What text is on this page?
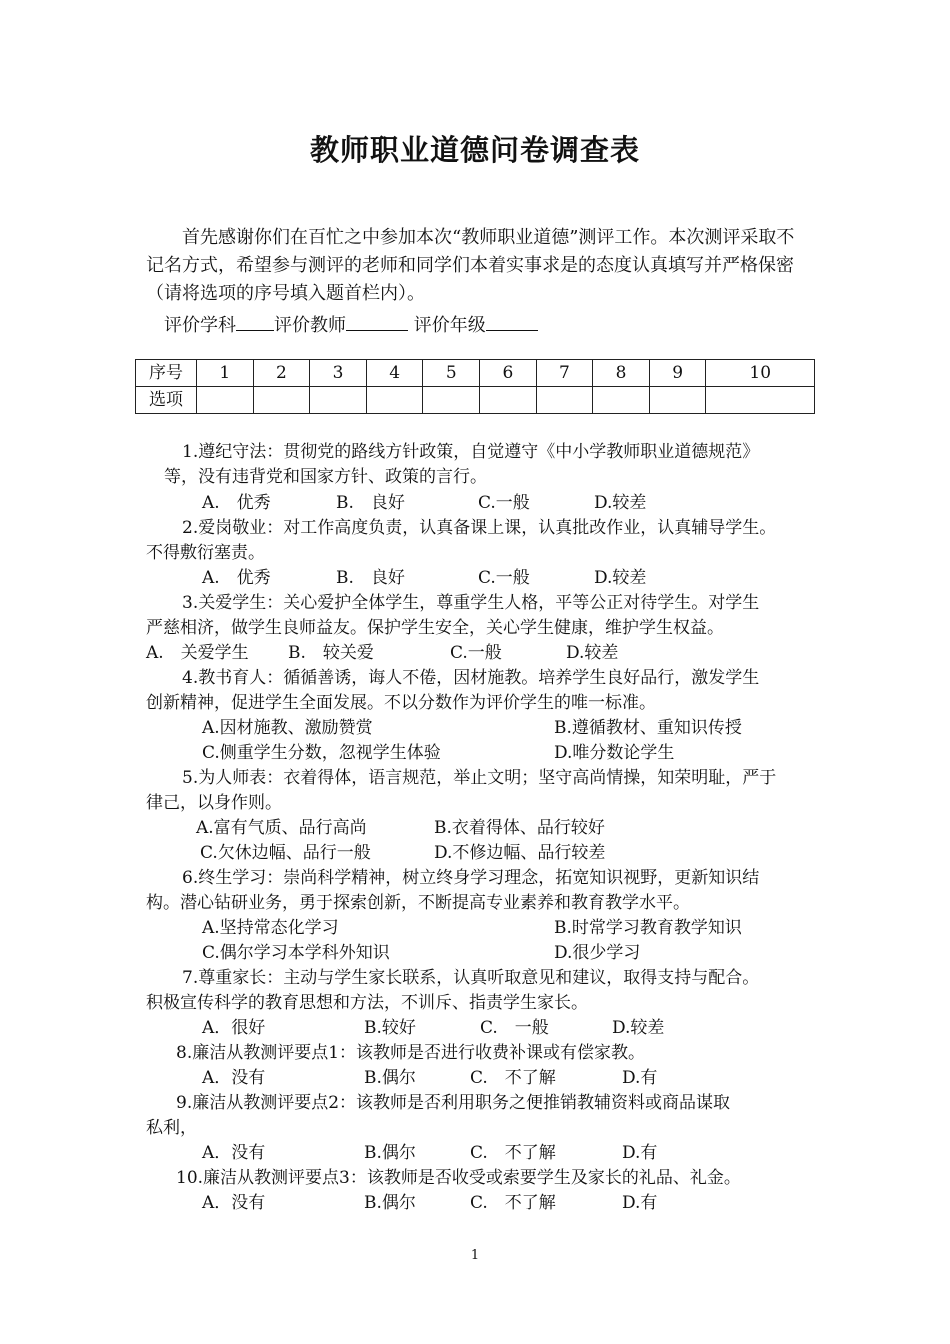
教师职业道德问卷调查表
首先感谢你们在百忙之中参加本次“教师职业道德”测评工作。本次测评采取不记名方式，希望参与测评的老师和同学们本着实事求是的态度认真填写并严格保密（请将选项的序号填入题首栏内）。
评价学科 评价教师	评价年级
序号	1	2	3	4	5	6	7	8	9	10
选项										
1.遵纪守法：贯彻党的路线方针政策，自觉遵守《中小学教师职业道德规范》
等，没有违背党和国家方针、政策的言行。
A.　优秀	B.　良好	C.一般	D.较差
2.爱岗敬业：对工作高度负责，认真备课上课，认真批改作业，认真辅导学生。
不得敷衍塞责。
A.　优秀	B.　良好	C.一般	D.较差
3.关爱学生：关心爱护全体学生，尊重学生人格，平等公正对待学生。对学生
严慈相济，做学生良师益友。保护学生安全，关心学生健康，维护学生权益。
A.　关爱学生 B.　较关爱	C.一般	D.较差
4.教书育人：循循善诱，诲人不倦，因材施教。培养学生良好品行，激发学生
创新精神，促进学生全面发展。不以分数作为评价学生的唯一标准。
A.因材施教、激励赞赏	B.遵循教材、重知识传授
C.侧重学生分数，忽视学生体验	D.唯分数论学生
5.为人师表：衣着得体，语言规范，举止文明；坚守高尚情操，知荣明耻，严于
律己，以身作则。
A.富有气质、品行高尚	B.衣着得体、品行较好
C.欠休边幅、品行一般	D.不修边幅、品行较差
6.终生学习：崇尚科学精神，树立终身学习理念，拓宽知识视野，更新知识结
构。潜心钻研业务，勇于探索创新，不断提高专业素养和教育教学水平。
A.坚持常态化学习	B.时常学习教育教学知识
C.偶尔学习本学科外知识	D.很少学习
7.尊重家长：主动与学生家长联系，认真听取意见和建议，取得支持与配合。
积极宣传科学的教育思想和方法，不训斥、指责学生家长。
A．很好	B.较好	C.　一般	D.较差
8.廉洁从教测评要点1：该教师是否进行收费补课或有偿家教。
A．没有	B.偶尔	C.　不了解	D.有
9.廉洁从教测评要点2：该教师是否利用职务之便推销教辅资料或商品谋取
私利，
A．没有	B.偶尔	C.　不了解	D.有
10.廉洁从教测评要点3：该教师是否收受或索要学生及家长的礼品、礼金。
A．没有	B.偶尔	C.　不了解	D.有
1
